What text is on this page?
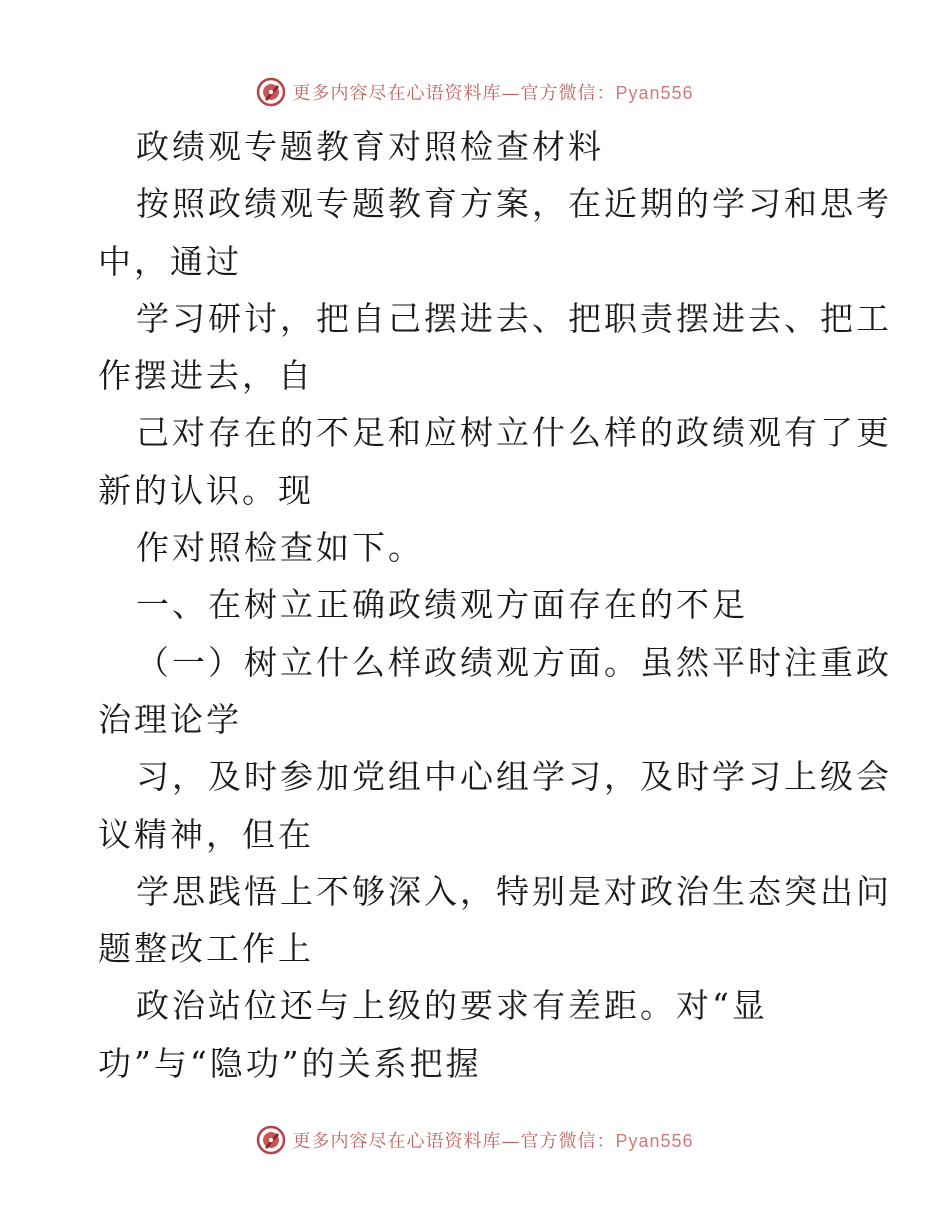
更多内容尽在心语资料库—官方微信：Pyan556
政绩观专题教育对照检查材料
按照政绩观专题教育方案，在近期的学习和思考
中，通过
学习研讨，把自己摆进去、把职责摆进去、把工
作摆进去，自
己对存在的不足和应树立什么样的政绩观有了更
新的认识。现
作对照检查如下。
一、在树立正确政绩观方面存在的不足
（一）树立什么样政绩观方面。虽然平时注重政
治理论学
习，及时参加党组中心组学习，及时学习上级会
议精神，但在
学思践悟上不够深入，特别是对政治生态突出问
题整改工作上
政治站位还与上级的要求有差距。对“显
功”与“隐功”的关系把握
更多内容尽在心语资料库—官方微信：Pyan556
